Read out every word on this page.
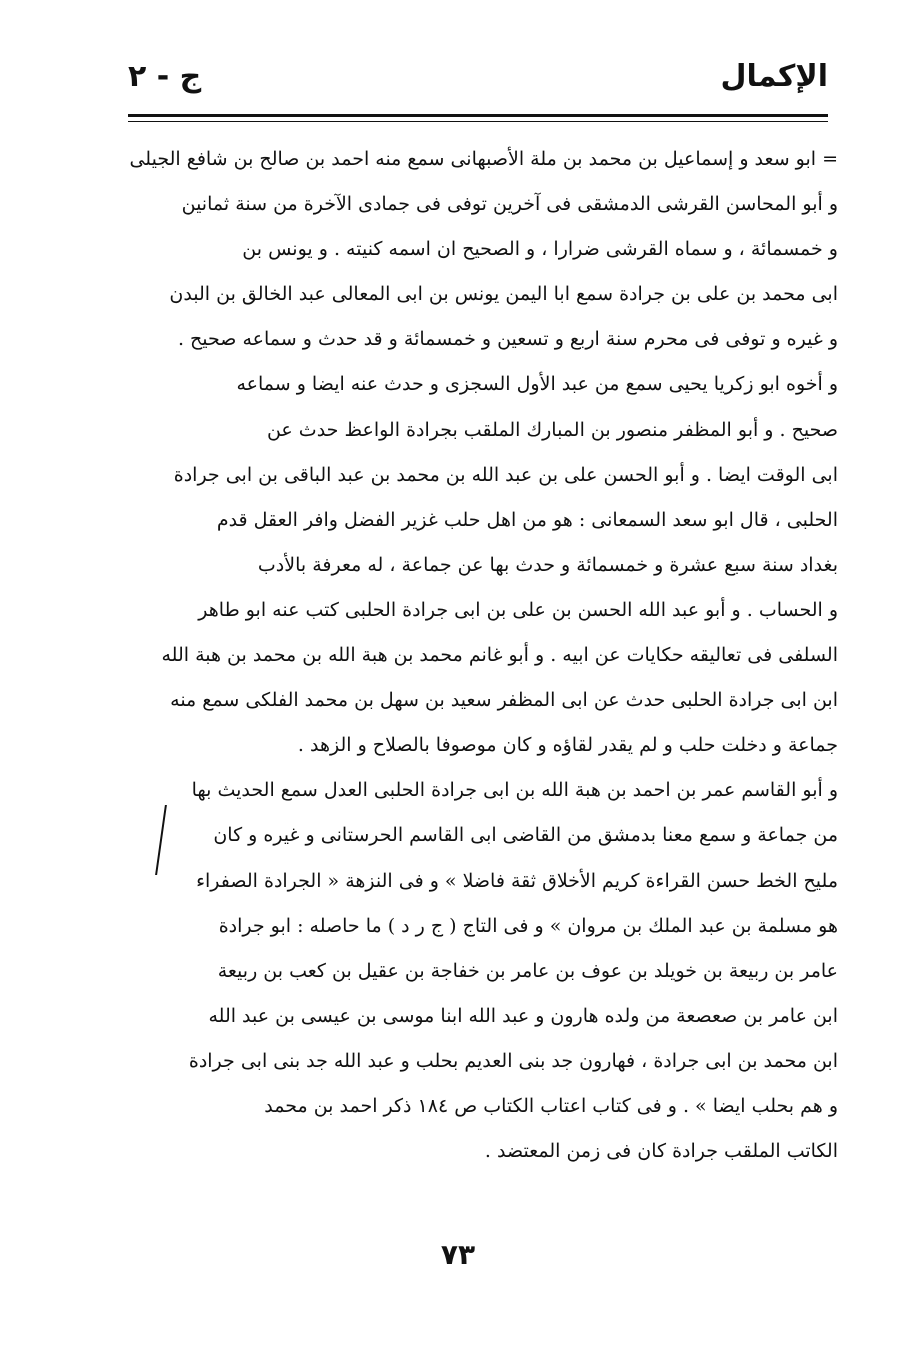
الإكمال
ج - ٢
= ابو سعد و إسماعيل بن محمد بن ملة الأصبهانى سمع منه احمد بن صالح بن شافع الجيلى
و أبو المحاسن القرشى الدمشقى فى آخرين توفى فى جمادى الآخرة من سنة ثمانين
و خمسمائة ، و سماه القرشى ضرارا ، و الصحيح ان اسمه كنيته . و يونس بن
ابى محمد بن على بن جرادة سمع ابا اليمن يونس بن ابى المعالى عبد الخالق بن البدن
و غيره و توفى فى محرم سنة اربع و تسعين و خمسمائة و قد حدث و سماعه صحيح .
و أخوه ابو زكريا يحيى سمع من عبد الأول السجزى و حدث عنه ايضا و سماعه
صحيح . و أبو المظفر منصور بن المبارك الملقب بجرادة الواعظ حدث عن
ابى الوقت ايضا . و أبو الحسن على بن عبد الله بن محمد بن عبد الباقى بن ابى جرادة
الحلبى ، قال ابو سعد السمعانى : هو من اهل حلب غزير الفضل وافر العقل قدم
بغداد سنة سبع عشرة و خمسمائة و حدث بها عن جماعة ، له معرفة بالأدب
و الحساب . و أبو عبد الله الحسن بن على بن ابى جرادة الحلبى كتب عنه ابو طاهر
السلفى فى تعاليقه حكايات عن ابيه . و أبو غانم محمد بن هبة الله بن محمد بن هبة الله
ابن ابى جرادة الحلبى حدث عن ابى المظفر سعيد بن سهل بن محمد الفلكى سمع منه
جماعة و دخلت حلب و لم يقدر لقاؤه و كان موصوفا بالصلاح و الزهد .
و أبو القاسم عمر بن احمد بن هبة الله بن ابى جرادة الحلبى العدل سمع الحديث بها
من جماعة و سمع معنا بدمشق من القاضى ابى القاسم الحرستانى و غيره و كان
مليح الخط حسن القراءة كريم الأخلاق ثقة فاضلا » و فى النزهة « الجرادة الصفراء
هو مسلمة بن عبد الملك بن مروان » و فى التاج ( ج ر د ) ما حاصله : ابو جرادة
عامر بن ربيعة بن خويلد بن عوف بن عامر بن خفاجة بن عقيل بن كعب بن ربيعة
ابن عامر بن صعصعة من ولده هارون و عبد الله ابنا موسى بن عيسى بن عبد الله
ابن محمد بن ابى جرادة ، فهارون جد بنى العديم بحلب و عبد الله جد بنى ابى جرادة
و هم بحلب ايضا » . و فى كتاب اعتاب الكتاب ص ١٨٤ ذكر احمد بن محمد
الكاتب الملقب جرادة كان فى زمن المعتضد .
٧٣
